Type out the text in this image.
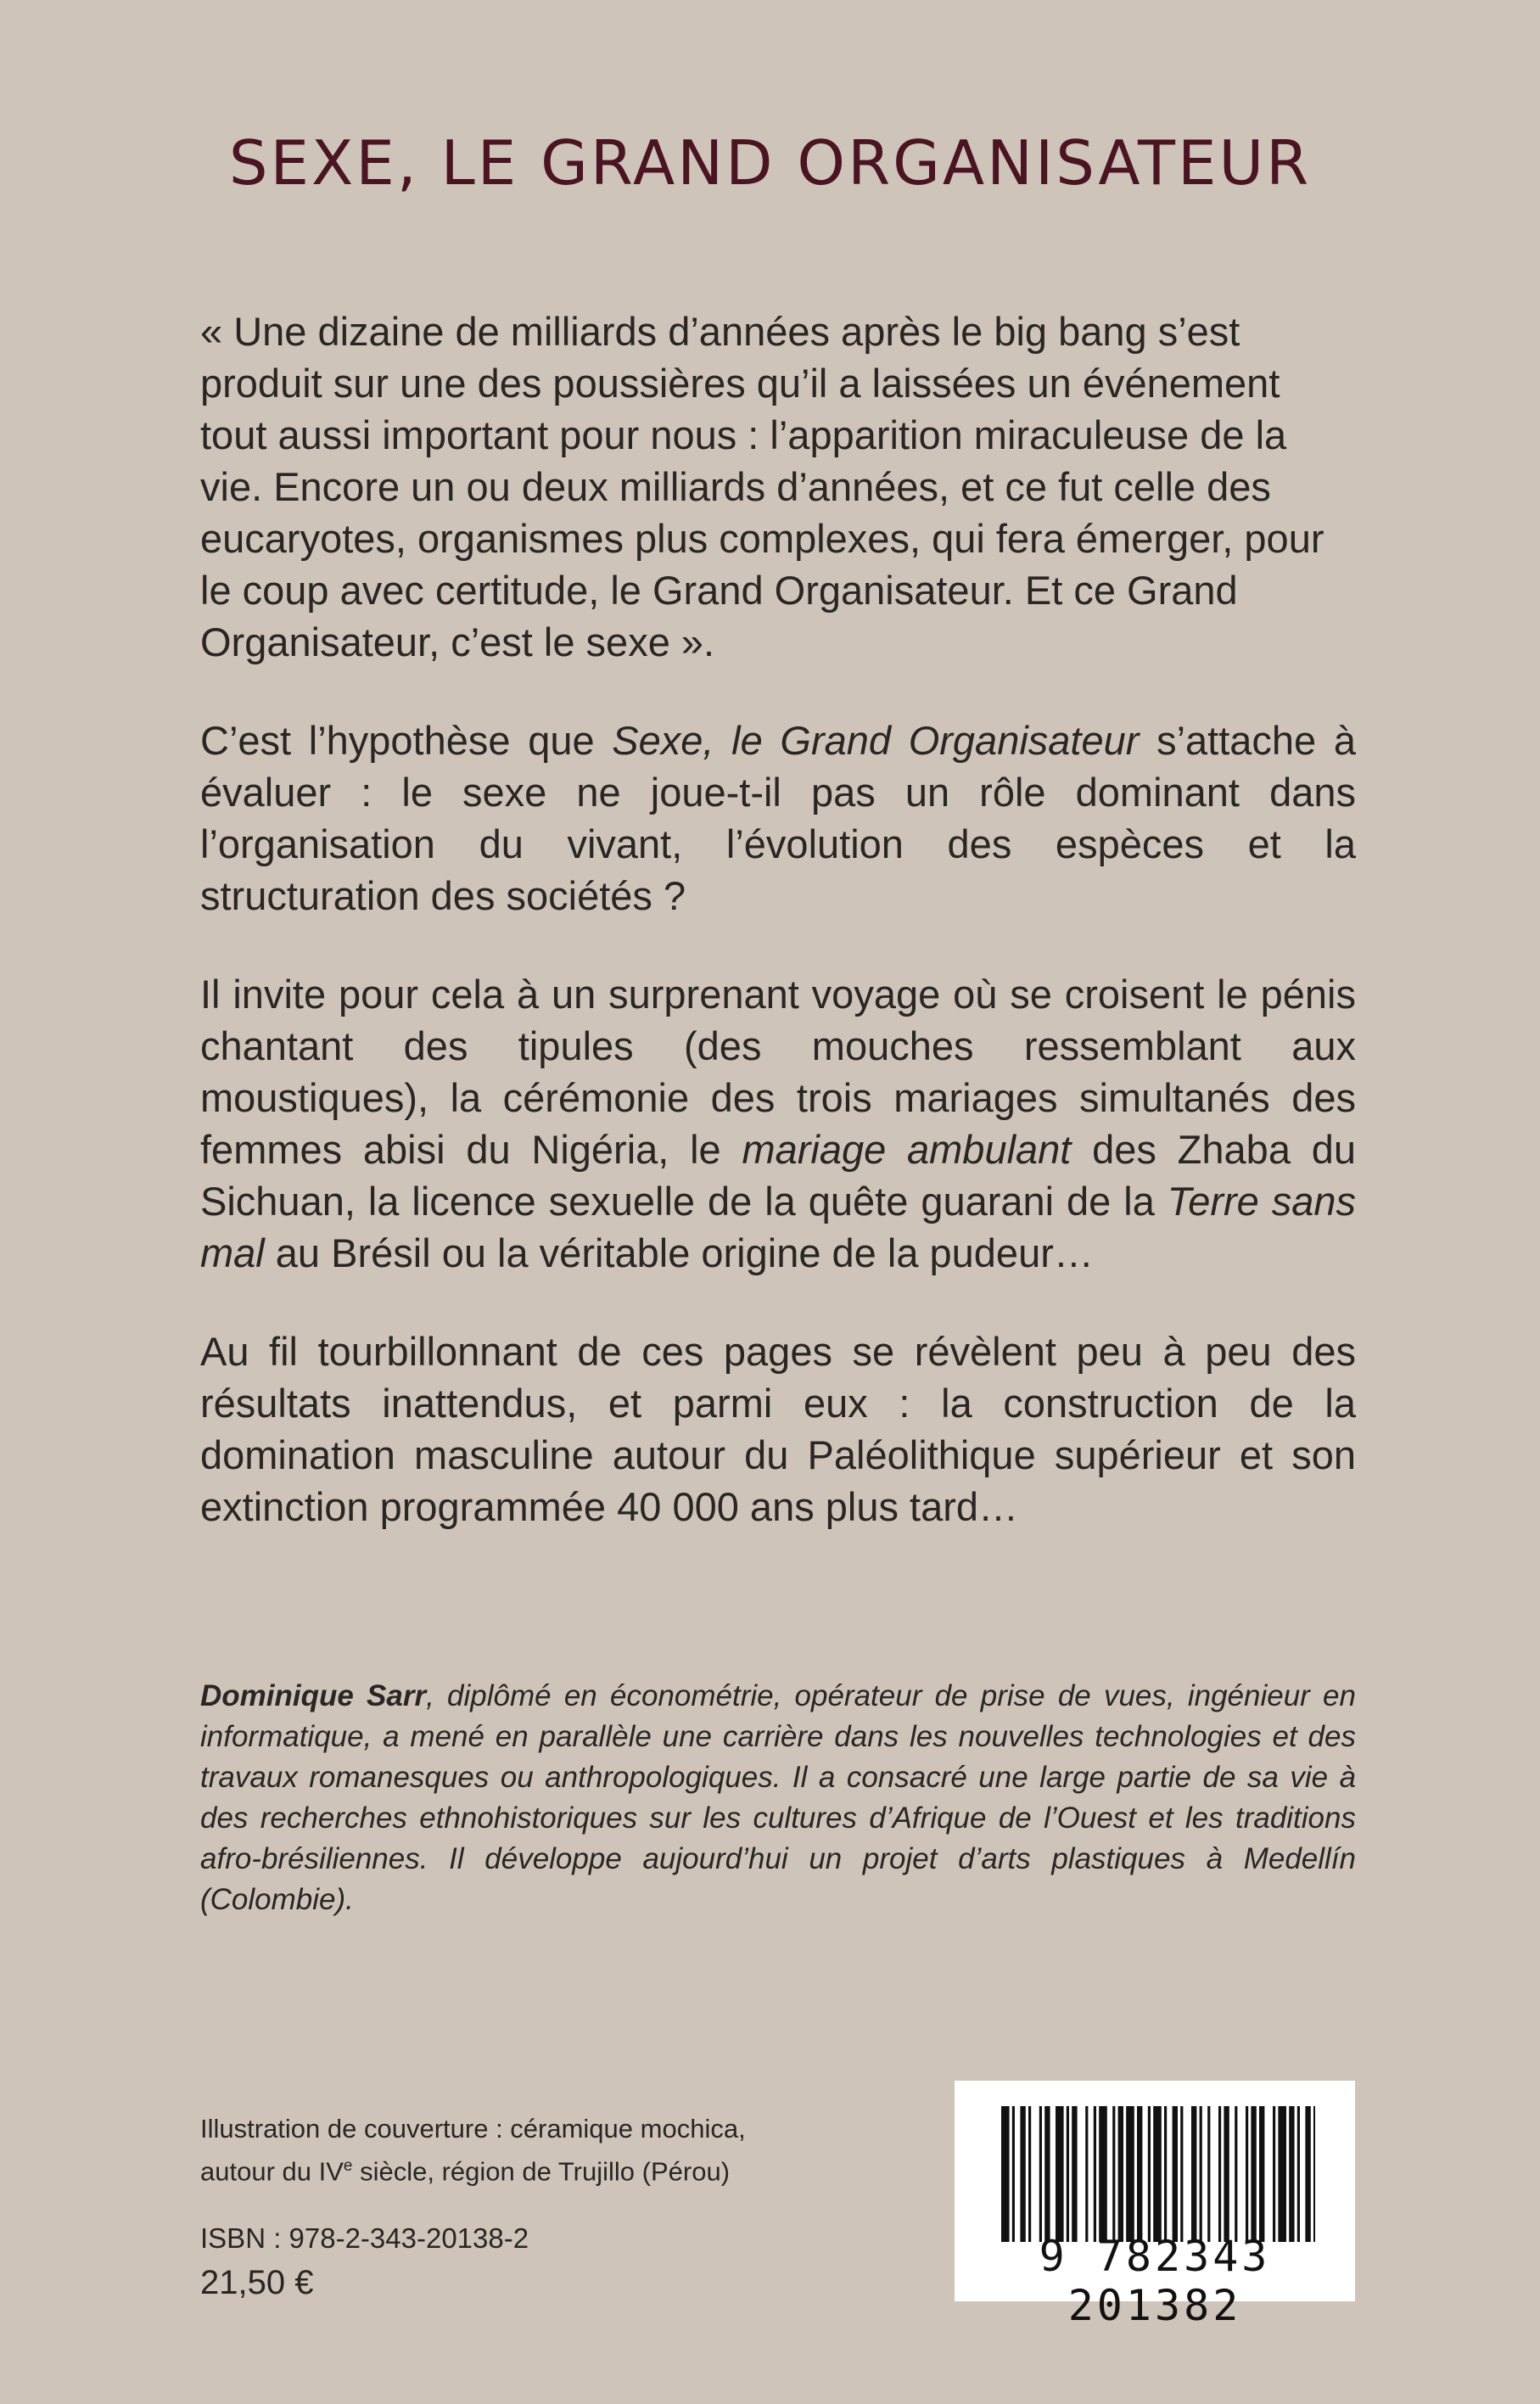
SEXE, LE GRAND ORGANISATEUR

« Une dizaine de milliards d’années après le big bang s’est produit sur une des poussières qu’il a laissées un événement tout aussi important pour nous : l’apparition miraculeuse de la vie. Encore un ou deux milliards d’années, et ce fut celle des eucaryotes, organismes plus complexes, qui fera émerger, pour le coup avec certitude, le Grand Organisateur. Et ce Grand Organisateur, c’est le sexe ».

C’est l’hypothèse que Sexe, le Grand Organisateur s’attache à évaluer : le sexe ne joue-t-il pas un rôle dominant dans l’organisation du vivant, l’évolution des espèces et la structuration des sociétés ?

Il invite pour cela à un surprenant voyage où se croisent le pénis chantant des tipules (des mouches ressemblant aux moustiques), la cérémonie des trois mariages simultanés des femmes abisi du Nigéria, le mariage ambulant des Zhaba du Sichuan, la licence sexuelle de la quête guarani de la Terre sans mal au Brésil ou la véritable origine de la pudeur…

Au fil tourbillonnant de ces pages se révèlent peu à peu des résultats inattendus, et parmi eux : la construction de la domination masculine autour du Paléolithique supérieur et son extinction programmée 40 000 ans plus tard…

Dominique Sarr, diplômé en économétrie, opérateur de prise de vues, ingénieur en informatique, a mené en parallèle une carrière dans les nouvelles technologies et des travaux romanesques ou anthropologiques. Il a consacré une large partie de sa vie à des recherches ethnohistoriques sur les cultures d’Afrique de l’Ouest et les traditions afro-brésiliennes. Il développe aujourd’hui un projet d’arts plastiques à Medellín (Colombie).
Illustration de couverture : céramique mochica,
autour du IVe siècle, région de Trujillo (Pérou)
ISBN : 978-2-343-20138-2
21,50 €
9 782343 201382
